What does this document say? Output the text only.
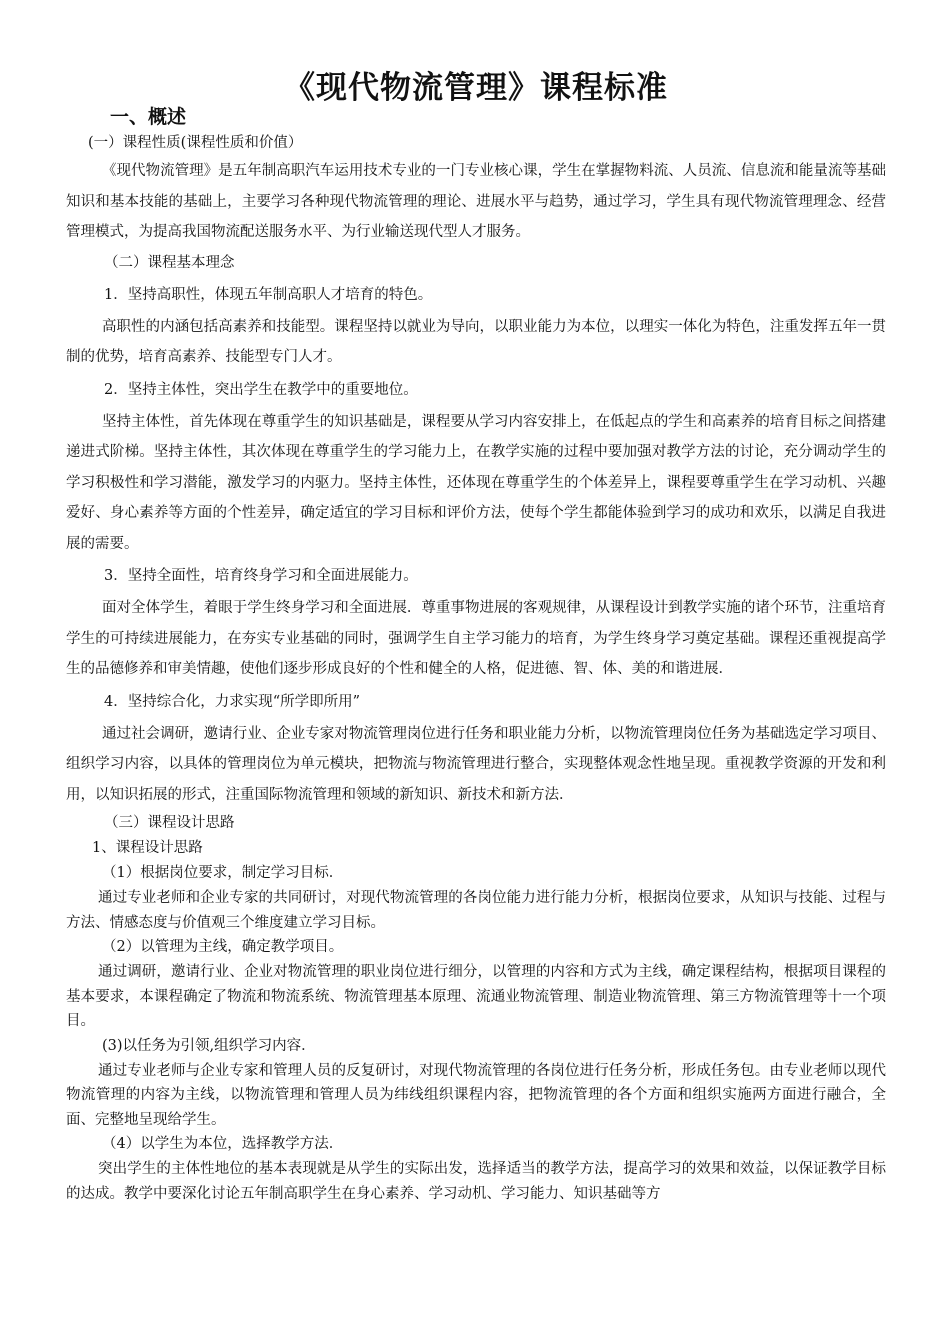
《现代物流管理》课程标准
一、概述
(一）课程性质(课程性质和价值）

《现代物流管理》是五年制高职汽车运用技术专业的一门专业核心课，学生在掌握物料流、人员流、信息流和能量流等基础知识和基本技能的基础上，主要学习各种现代物流管理的理论、进展水平与趋势，通过学习，学生具有现代物流管理理念、经营管理模式，为提高我国物流配送服务水平、为行业输送现代型人才服务。

（二）课程基本理念
1．坚持高职性，体现五年制高职人才培育的特色。

高职性的内涵包括高素养和技能型。课程坚持以就业为导向，以职业能力为本位，以理实一体化为特色，注重发挥五年一贯制的优势，培育高素养、技能型专门人才。

2．坚持主体性，突出学生在教学中的重要地位。

坚持主体性，首先体现在尊重学生的知识基础是，课程要从学习内容安排上，在低起点的学生和高素养的培育目标之间搭建递进式阶梯。坚持主体性，其次体现在尊重学生的学习能力上，在教学实施的过程中要加强对教学方法的讨论，充分调动学生的学习积极性和学习潜能，激发学习的内驱力。坚持主体性，还体现在尊重学生的个体差异上，课程要尊重学生在学习动机、兴趣爱好、身心素养等方面的个性差异，确定适宜的学习目标和评价方法，使每个学生都能体验到学习的成功和欢乐，以满足自我进展的需要。

3．坚持全面性，培育终身学习和全面进展能力。

面对全体学生，着眼于学生终身学习和全面进展．尊重事物进展的客观规律，从课程设计到教学实施的诸个环节，注重培育学生的可持续进展能力，在夯实专业基础的同时，强调学生自主学习能力的培育，为学生终身学习奠定基础。课程还重视提高学生的品德修养和审美情趣，使他们逐步形成良好的个性和健全的人格，促进德、智、体、美的和谐进展．

4．坚持综合化，力求实现“所学即所用”

通过社会调研，邀请行业、企业专家对物流管理岗位进行任务和职业能力分析，以物流管理岗位任务为基础选定学习项目、组织学习内容，以具体的管理岗位为单元模块，把物流与物流管理进行整合，实现整体观念性地呈现。重视教学资源的开发和利用，以知识拓展的形式，注重国际物流管理和领域的新知识、新技术和新方法．

（三）课程设计思路
1、课程设计思路
（1）根据岗位要求，制定学习目标．

通过专业老师和企业专家的共同研讨，对现代物流管理的各岗位能力进行能力分析，根据岗位要求，从知识与技能、过程与方法、情感态度与价值观三个维度建立学习目标。

（2）以管理为主线，确定教学项目。

通过调研，邀请行业、企业对物流管理的职业岗位进行细分，以管理的内容和方式为主线，确定课程结构，根据项目课程的基本要求，本课程确定了物流和物流系统、物流管理基本原理、流通业物流管理、制造业物流管理、第三方物流管理等十一个项目。

(3)以任务为引领,组织学习内容．

通过专业老师与企业专家和管理人员的反复研讨，对现代物流管理的各岗位进行任务分析，形成任务包。由专业老师以现代物流管理的内容为主线，以物流管理和管理人员为纬线组织课程内容，把物流管理的各个方面和组织实施两方面进行融合，全面、完整地呈现给学生。

（4）以学生为本位，选择教学方法．

突出学生的主体性地位的基本表现就是从学生的实际出发，选择适当的教学方法，提高学习的效果和效益，以保证教学目标的达成。教学中要深化讨论五年制高职学生在身心素养、学习动机、学习能力、知识基础等方
